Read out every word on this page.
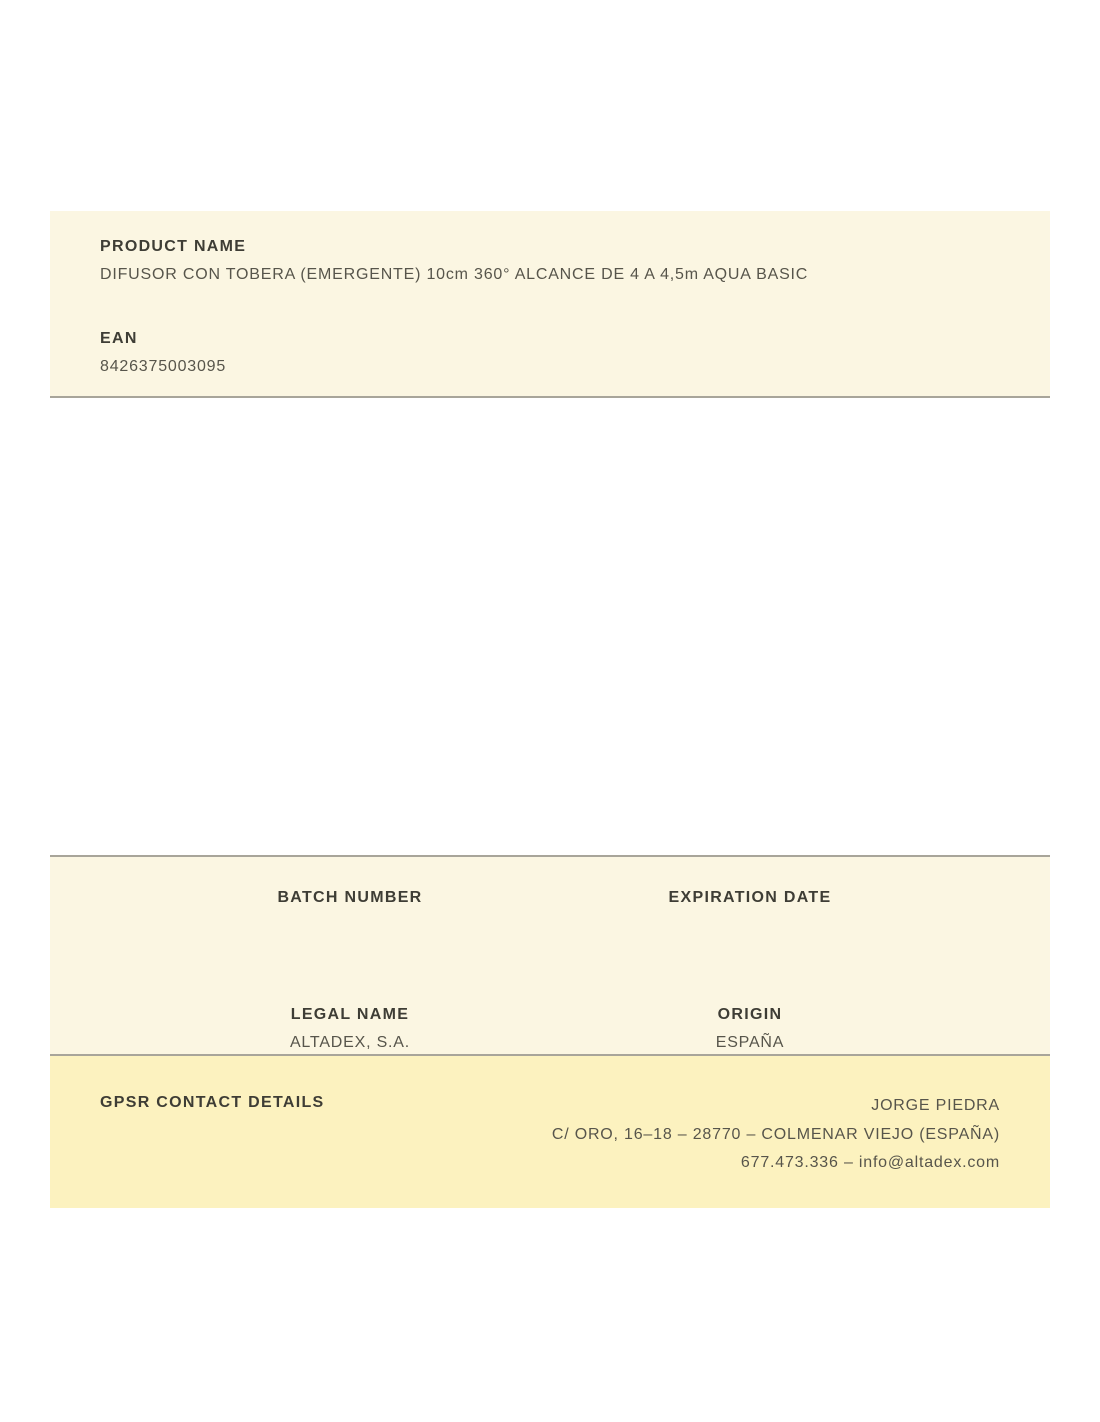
PRODUCT NAME
DIFUSOR CON TOBERA (EMERGENTE) 10cm 360° ALCANCE DE 4 A 4,5m AQUA BASIC
EAN
8426375003095
BATCH NUMBER	EXPIRATION DATE
LEGAL NAME
ALTADEX, S.A.
ORIGIN
ESPAÑA
GPSR CONTACT DETAILS	JORGE PIEDRA
C/ ORO, 16–18 – 28770 – COLMENAR VIEJO (ESPAÑA)
677.473.336 – info@altadex.com
